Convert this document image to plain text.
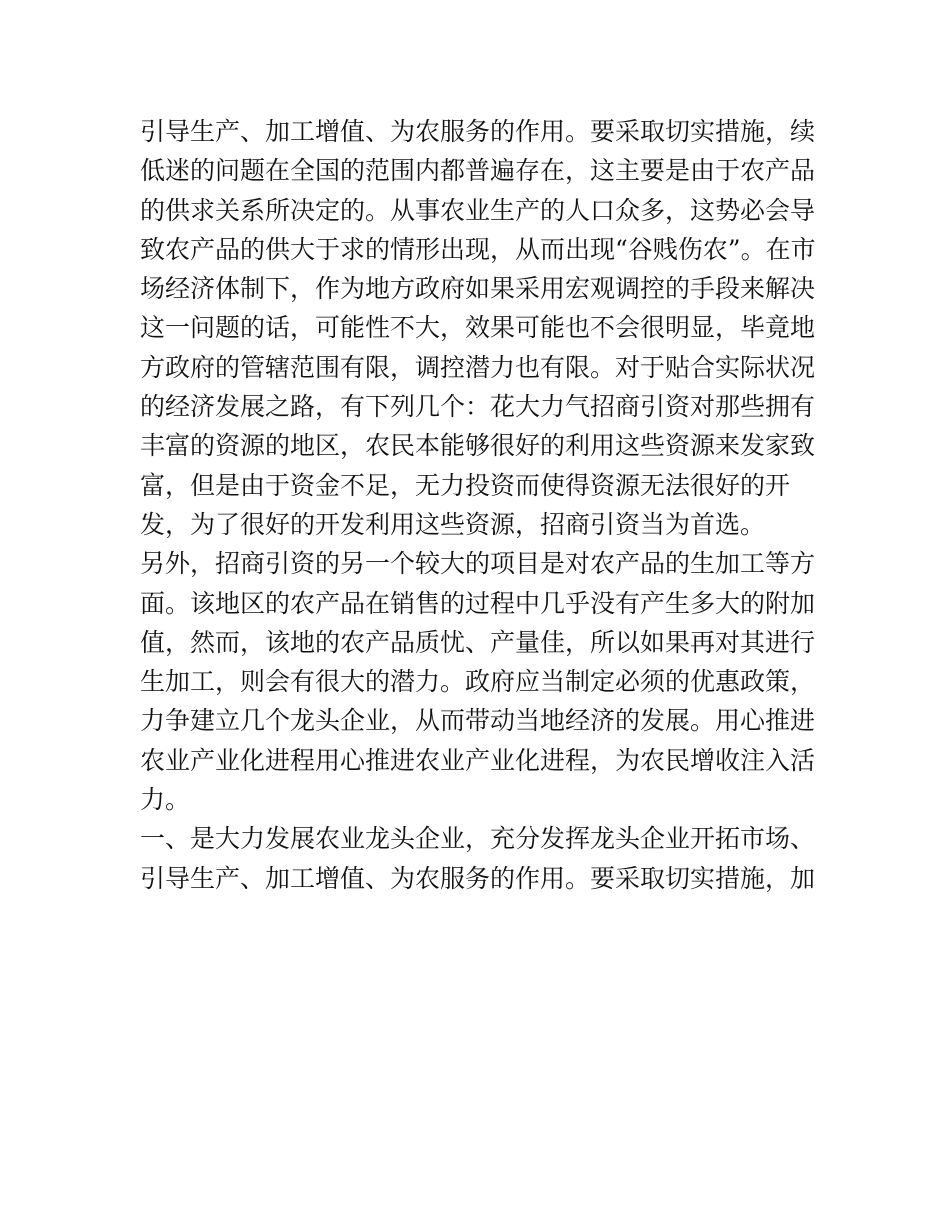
引导生产、加工增值、为农服务的作用。要采取切实措施，续
低迷的问题在全国的范围内都普遍存在，这主要是由于农产品
的供求关系所决定的。从事农业生产的人口众多，这势必会导
致农产品的供大于求的情形出现，从而出现“谷贱伤农”。在市
场经济体制下，作为地方政府如果采用宏观调控的手段来解决
这一问题的话，可能性不大，效果可能也不会很明显，毕竟地
方政府的管辖范围有限，调控潜力也有限。对于贴合实际状况
的经济发展之路，有下列几个：花大力气招商引资对那些拥有
丰富的资源的地区，农民本能够很好的利用这些资源来发家致
富，但是由于资金不足，无力投资而使得资源无法很好的开
发，为了很好的开发利用这些资源，招商引资当为首选。
另外，招商引资的另一个较大的项目是对农产品的生加工等方
面。该地区的农产品在销售的过程中几乎没有产生多大的附加
值，然而，该地的农产品质忧、产量佳，所以如果再对其进行
生加工，则会有很大的潜力。政府应当制定必须的优惠政策，
力争建立几个龙头企业，从而带动当地经济的发展。用心推进
农业产业化进程用心推进农业产业化进程，为农民增收注入活
力。
一、是大力发展农业龙头企业，充分发挥龙头企业开拓市场、
引导生产、加工增值、为农服务的作用。要采取切实措施，加
